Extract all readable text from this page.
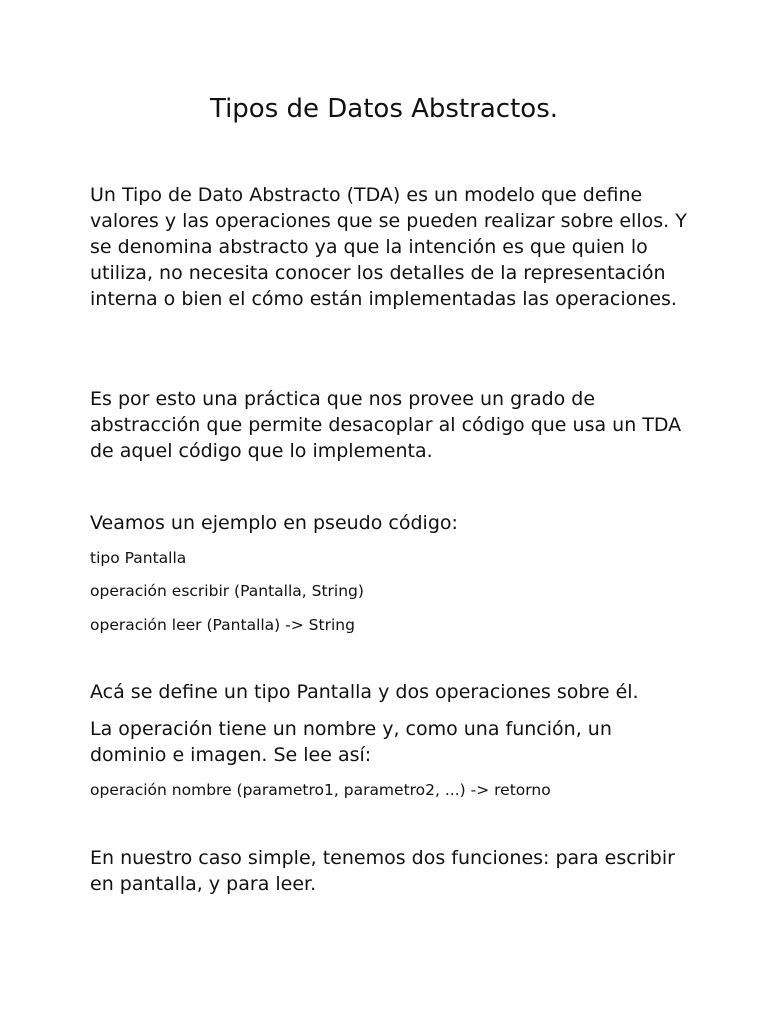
Tipos de Datos Abstractos.

Un Tipo de Dato Abstracto (TDA) es un modelo que define valores y las operaciones que se pueden realizar sobre ellos. Y se denomina abstracto ya que la intención es que quien lo utiliza, no necesita conocer los detalles de la representación interna o bien el cómo están implementadas las operaciones.

Es por esto una práctica que nos provee un grado de abstracción que permite desacoplar al código que usa un TDA de aquel código que lo implementa.

Veamos un ejemplo en pseudo código:

tipo Pantalla

operación escribir (Pantalla, String)

operación leer (Pantalla) -> String

Acá se define un tipo Pantalla y dos operaciones sobre él.

La operación tiene un nombre y, como una función, un dominio e imagen. Se lee así:

operación nombre (parametro1, parametro2, ...) -> retorno

En nuestro caso simple, tenemos dos funciones: para escribir en pantalla, y para leer.
